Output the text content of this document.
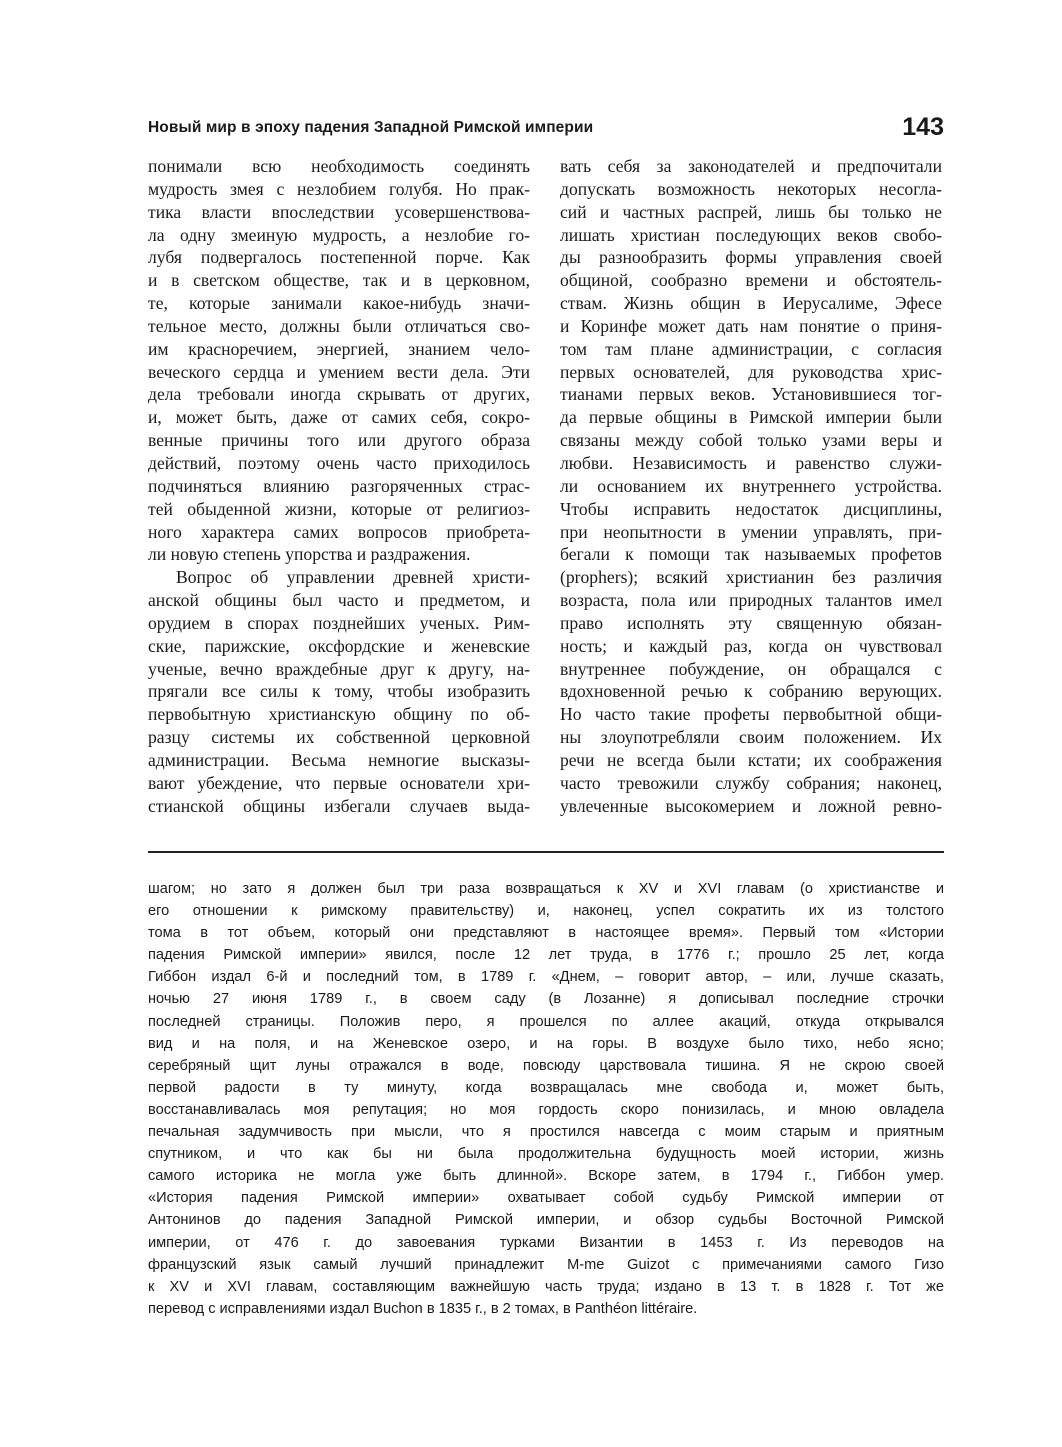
Новый мир в эпоху падения Западной Римской империи	143
понимали всю необходимость соединять
мудрость змея с незлобием голубя. Но прак-
тика власти впоследствии усовершенствова-
ла одну змеиную мудрость, а незлобие го-
лубя подвергалось постепенной порче. Как
и в светском обществе, так и в церковном,
те, которые занимали какое-нибудь значи-
тельное место, должны были отличаться сво-
им красноречием, энергией, знанием чело-
веческого сердца и умением вести дела. Эти
дела требовали иногда скрывать от других,
и, может быть, даже от самих себя, сокро-
венные причины того или другого образа
действий, поэтому очень часто приходилось
подчиняться влиянию разгоряченных страс-
тей обыденной жизни, которые от религиоз-
ного характера самих вопросов приобрета-
ли новую степень упорства и раздражения.
Вопрос об управлении древней христи-
анской общины был часто и предметом, и
орудием в спорах позднейших ученых. Рим-
ские, парижские, оксфордские и женевские
ученые, вечно враждебные друг к другу, на-
прягали все силы к тому, чтобы изобразить
первобытную христианскую общину по об-
разцу системы их собственной церковной
администрации. Весьма немногие высказы-
вают убеждение, что первые основатели хри-
стианской общины избегали случаев выда-
вать себя за законодателей и предпочитали
допускать возможность некоторых несогла-
сий и частных распрей, лишь бы только не
лишать христиан последующих веков свобо-
ды разнообразить формы управления своей
общиной, сообразно времени и обстоятель-
ствам. Жизнь общин в Иерусалиме, Эфесе
и Коринфе может дать нам понятие о приня-
том там плане администрации, с согласия
первых основателей, для руководства хрис-
тианами первых веков. Установившиеся тог-
да первые общины в Римской империи были
связаны между собой только узами веры и
любви. Независимость и равенство служи-
ли основанием их внутреннего устройства.
Чтобы исправить недостаток дисциплины,
при неопытности в умении управлять, при-
бегали к помощи так называемых профетов
(prophers); всякий христианин без различия
возраста, пола или природных талантов имел
право исполнять эту священную обязан-
ность; и каждый раз, когда он чувствовал
внутреннее побуждение, он обращался с
вдохновенной речью к собранию верующих.
Но часто такие профеты первобытной общи-
ны злоупотребляли своим положением. Их
речи не всегда были кстати; их соображения
часто тревожили службу собрания; наконец,
увлеченные высокомерием и ложной ревно-
шагом; но зато я должен был три раза возвращаться к XV и XVI главам (о христианстве и
его отношении к римскому правительству) и, наконец, успел сократить их из толстого
тома в тот объем, который они представляют в настоящее время». Первый том «Истории
падения Римской империи» явился, после 12 лет труда, в 1776 г.; прошло 25 лет, когда
Гиббон издал 6-й и последний том, в 1789 г. «Днем, – говорит автор, – или, лучше сказать,
ночью 27 июня 1789 г., в своем саду (в Лозанне) я дописывал последние строчки
последней страницы. Положив перо, я прошелся по аллее акаций, откуда открывался
вид и на поля, и на Женевское озеро, и на горы. В воздухе было тихо, небо ясно;
серебряный щит луны отражался в воде, повсюду царствовала тишина. Я не скрою своей
первой радости в ту минуту, когда возвращалась мне свобода и, может быть,
восстанавливалась моя репутация; но моя гордость скоро понизилась, и мною овладела
печальная задумчивость при мысли, что я простился навсегда с моим старым и приятным
спутником, и что как бы ни была продолжительна будущность моей истории, жизнь
самого историка не могла уже быть длинной». Вскоре затем, в 1794 г., Гиббон умер.
«История падения Римской империи» охватывает собой судьбу Римской империи от
Антонинов до падения Западной Римской империи, и обзор судьбы Восточной Римской
империи, от 476 г. до завоевания турками Византии в 1453 г. Из переводов на
французский язык самый лучший принадлежит M-me Guizot с примечаниями самого Гизо
к XV и XVI главам, составляющим важнейшую часть труда; издано в 13 т. в 1828 г. Тот же
перевод с исправлениями издал Buchon в 1835 г., в 2 томах, в Panthéon littéraire.
